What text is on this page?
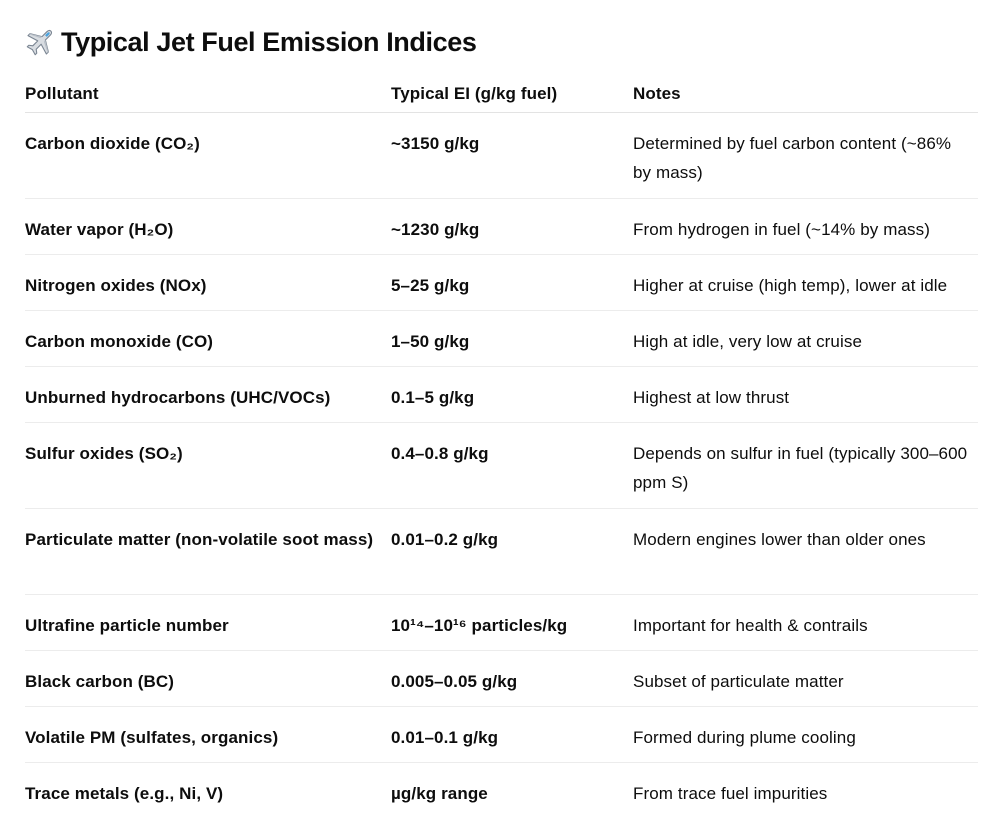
Typical Jet Fuel Emission Indices
Pollutant	Typical EI (g/kg fuel)	Notes

Carbon dioxide (CO₂)	~3150 g/kg	Determined by fuel carbon content (~86% by mass)

Water vapor (H₂O)	~1230 g/kg	From hydrogen in fuel (~14% by mass)

Nitrogen oxides (NOx)	5–25 g/kg	Higher at cruise (high temp), lower at idle

Carbon monoxide (CO)	1–50 g/kg	High at idle, very low at cruise

Unburned hydrocarbons (UHC/VOCs)	0.1–5 g/kg	Highest at low thrust

Sulfur oxides (SO₂)	0.4–0.8 g/kg	Depends on sulfur in fuel (typically 300–600 ppm S)

Particulate matter (non-volatile soot mass)	0.01–0.2 g/kg	Modern engines lower than older ones

Ultrafine particle number	10¹⁴–10¹⁶ particles/kg	Important for health & contrails

Black carbon (BC)	0.005–0.05 g/kg	Subset of particulate matter

Volatile PM (sulfates, organics)	0.01–0.1 g/kg	Formed during plume cooling

Trace metals (e.g., Ni, V)	µg/kg range	From trace fuel impurities
